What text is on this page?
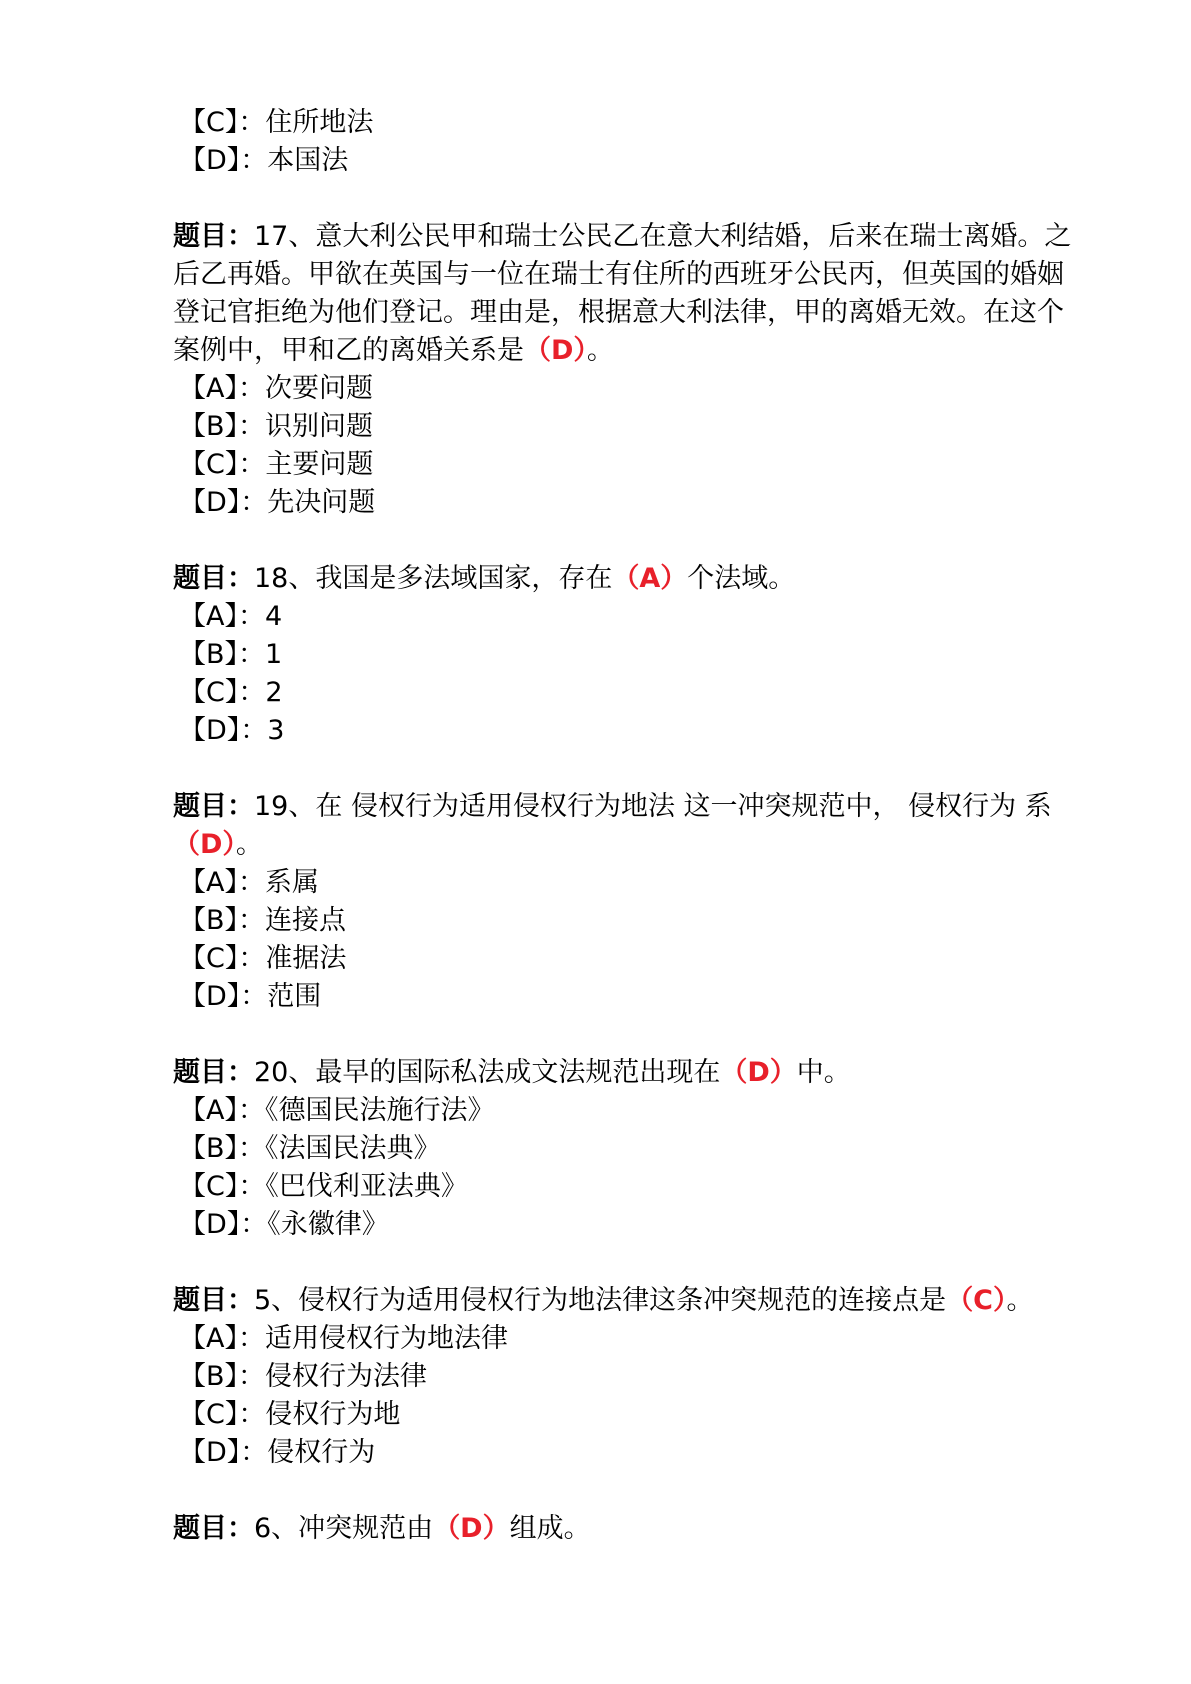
【C】：住所地法
【D】：本国法
题目：17、意大利公民甲和瑞士公民乙在意大利结婚，后来在瑞士离婚。之后乙再婚。甲欲在英国与一位在瑞士有住所的西班牙公民丙，但英国的婚姻登记官拒绝为他们登记。理由是，根据意大利法律，甲的离婚无效。在这个案例中，甲和乙的离婚关系是（D）。
【A】：次要问题
【B】：识别问题
【C】：主要问题
【D】：先决问题
题目：18、我国是多法域国家，存在（A）个法域。
【A】：4
【B】：1
【C】：2
【D】：3
题目：19、在 侵权行为适用侵权行为地法 这一冲突规范中， 侵权行为 系（D）。
【A】：系属
【B】：连接点
【C】：准据法
【D】：范围
题目：20、最早的国际私法成文法规范出现在（D）中。
【A】：《德国民法施行法》
【B】：《法国民法典》
【C】：《巴伐利亚法典》
【D】：《永徽律》
题目：5、侵权行为适用侵权行为地法律这条冲突规范的连接点是（C）。
【A】：适用侵权行为地法律
【B】：侵权行为法律
【C】：侵权行为地
【D】：侵权行为
题目：6、冲突规范由（D）组成。
